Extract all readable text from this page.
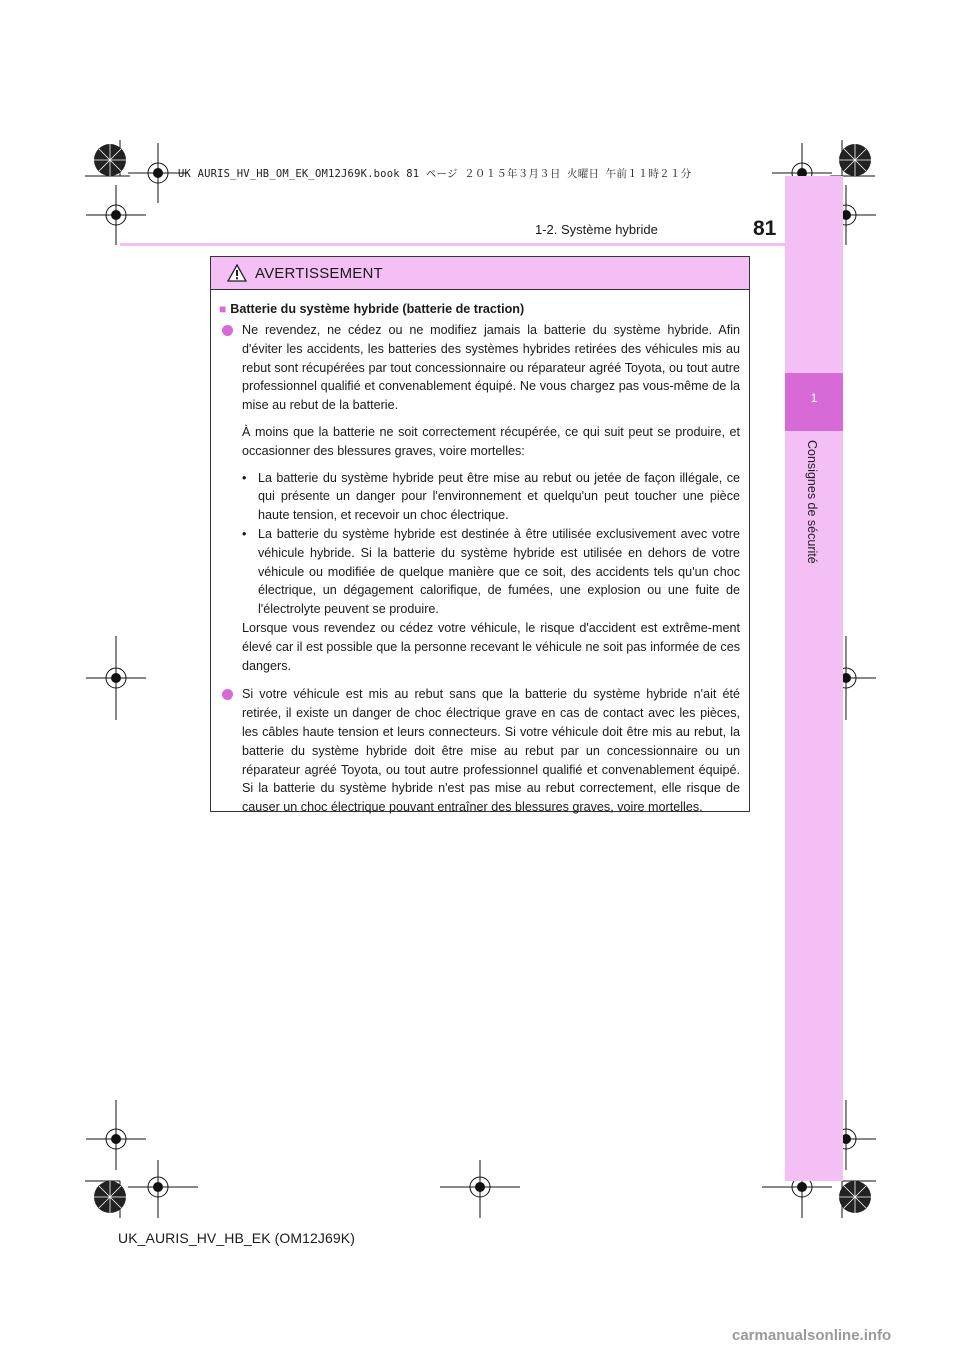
UK AURIS_HV_HB_OM_EK_OM12J69K.book 81 ページ ２０１５年３月３日 火曜日 午前１１時２１分
1
Consignes de sécurité
1-2. Système hybride	81
AVERTISSEMENT
■ Batterie du système hybride (batterie de traction)

Ne revendez, ne cédez ou ne modifiez jamais la batterie du système hybride. Afin d'éviter les accidents, les batteries des systèmes hybrides retirées des véhicules mis au rebut sont récupérées par tout concessionnaire ou réparateur agréé Toyota, ou tout autre professionnel qualifié et convenablement équipé. Ne vous chargez pas vous-même de la mise au rebut de la batterie.

À moins que la batterie ne soit correctement récupérée, ce qui suit peut se produire, et occasionner des blessures graves, voire mortelles:

• La batterie du système hybride peut être mise au rebut ou jetée de façon illégale, ce qui présente un danger pour l'environnement et quelqu'un peut toucher une pièce haute tension, et recevoir un choc électrique.
• La batterie du système hybride est destinée à être utilisée exclusivement avec votre véhicule hybride. Si la batterie du système hybride est utilisée en dehors de votre véhicule ou modifiée de quelque manière que ce soit, des accidents tels qu'un choc électrique, un dégagement calorifique, de fumées, une explosion ou une fuite de l'électrolyte peuvent se produire.

Lorsque vous revendez ou cédez votre véhicule, le risque d'accident est extrême-ment élevé car il est possible que la personne recevant le véhicule ne soit pas informée de ces dangers.

Si votre véhicule est mis au rebut sans que la batterie du système hybride n'ait été retirée, il existe un danger de choc électrique grave en cas de contact avec les pièces, les câbles haute tension et leurs connecteurs. Si votre véhicule doit être mis au rebut, la batterie du système hybride doit être mise au rebut par un concessionnaire ou un réparateur agréé Toyota, ou tout autre professionnel qualifié et convenablement équipé. Si la batterie du système hybride n'est pas mise au rebut correctement, elle risque de causer un choc électrique pouvant entraîner des blessures graves, voire mortelles.

UK_AURIS_HV_HB_EK (OM12J69K)
carmanualsonline.info
